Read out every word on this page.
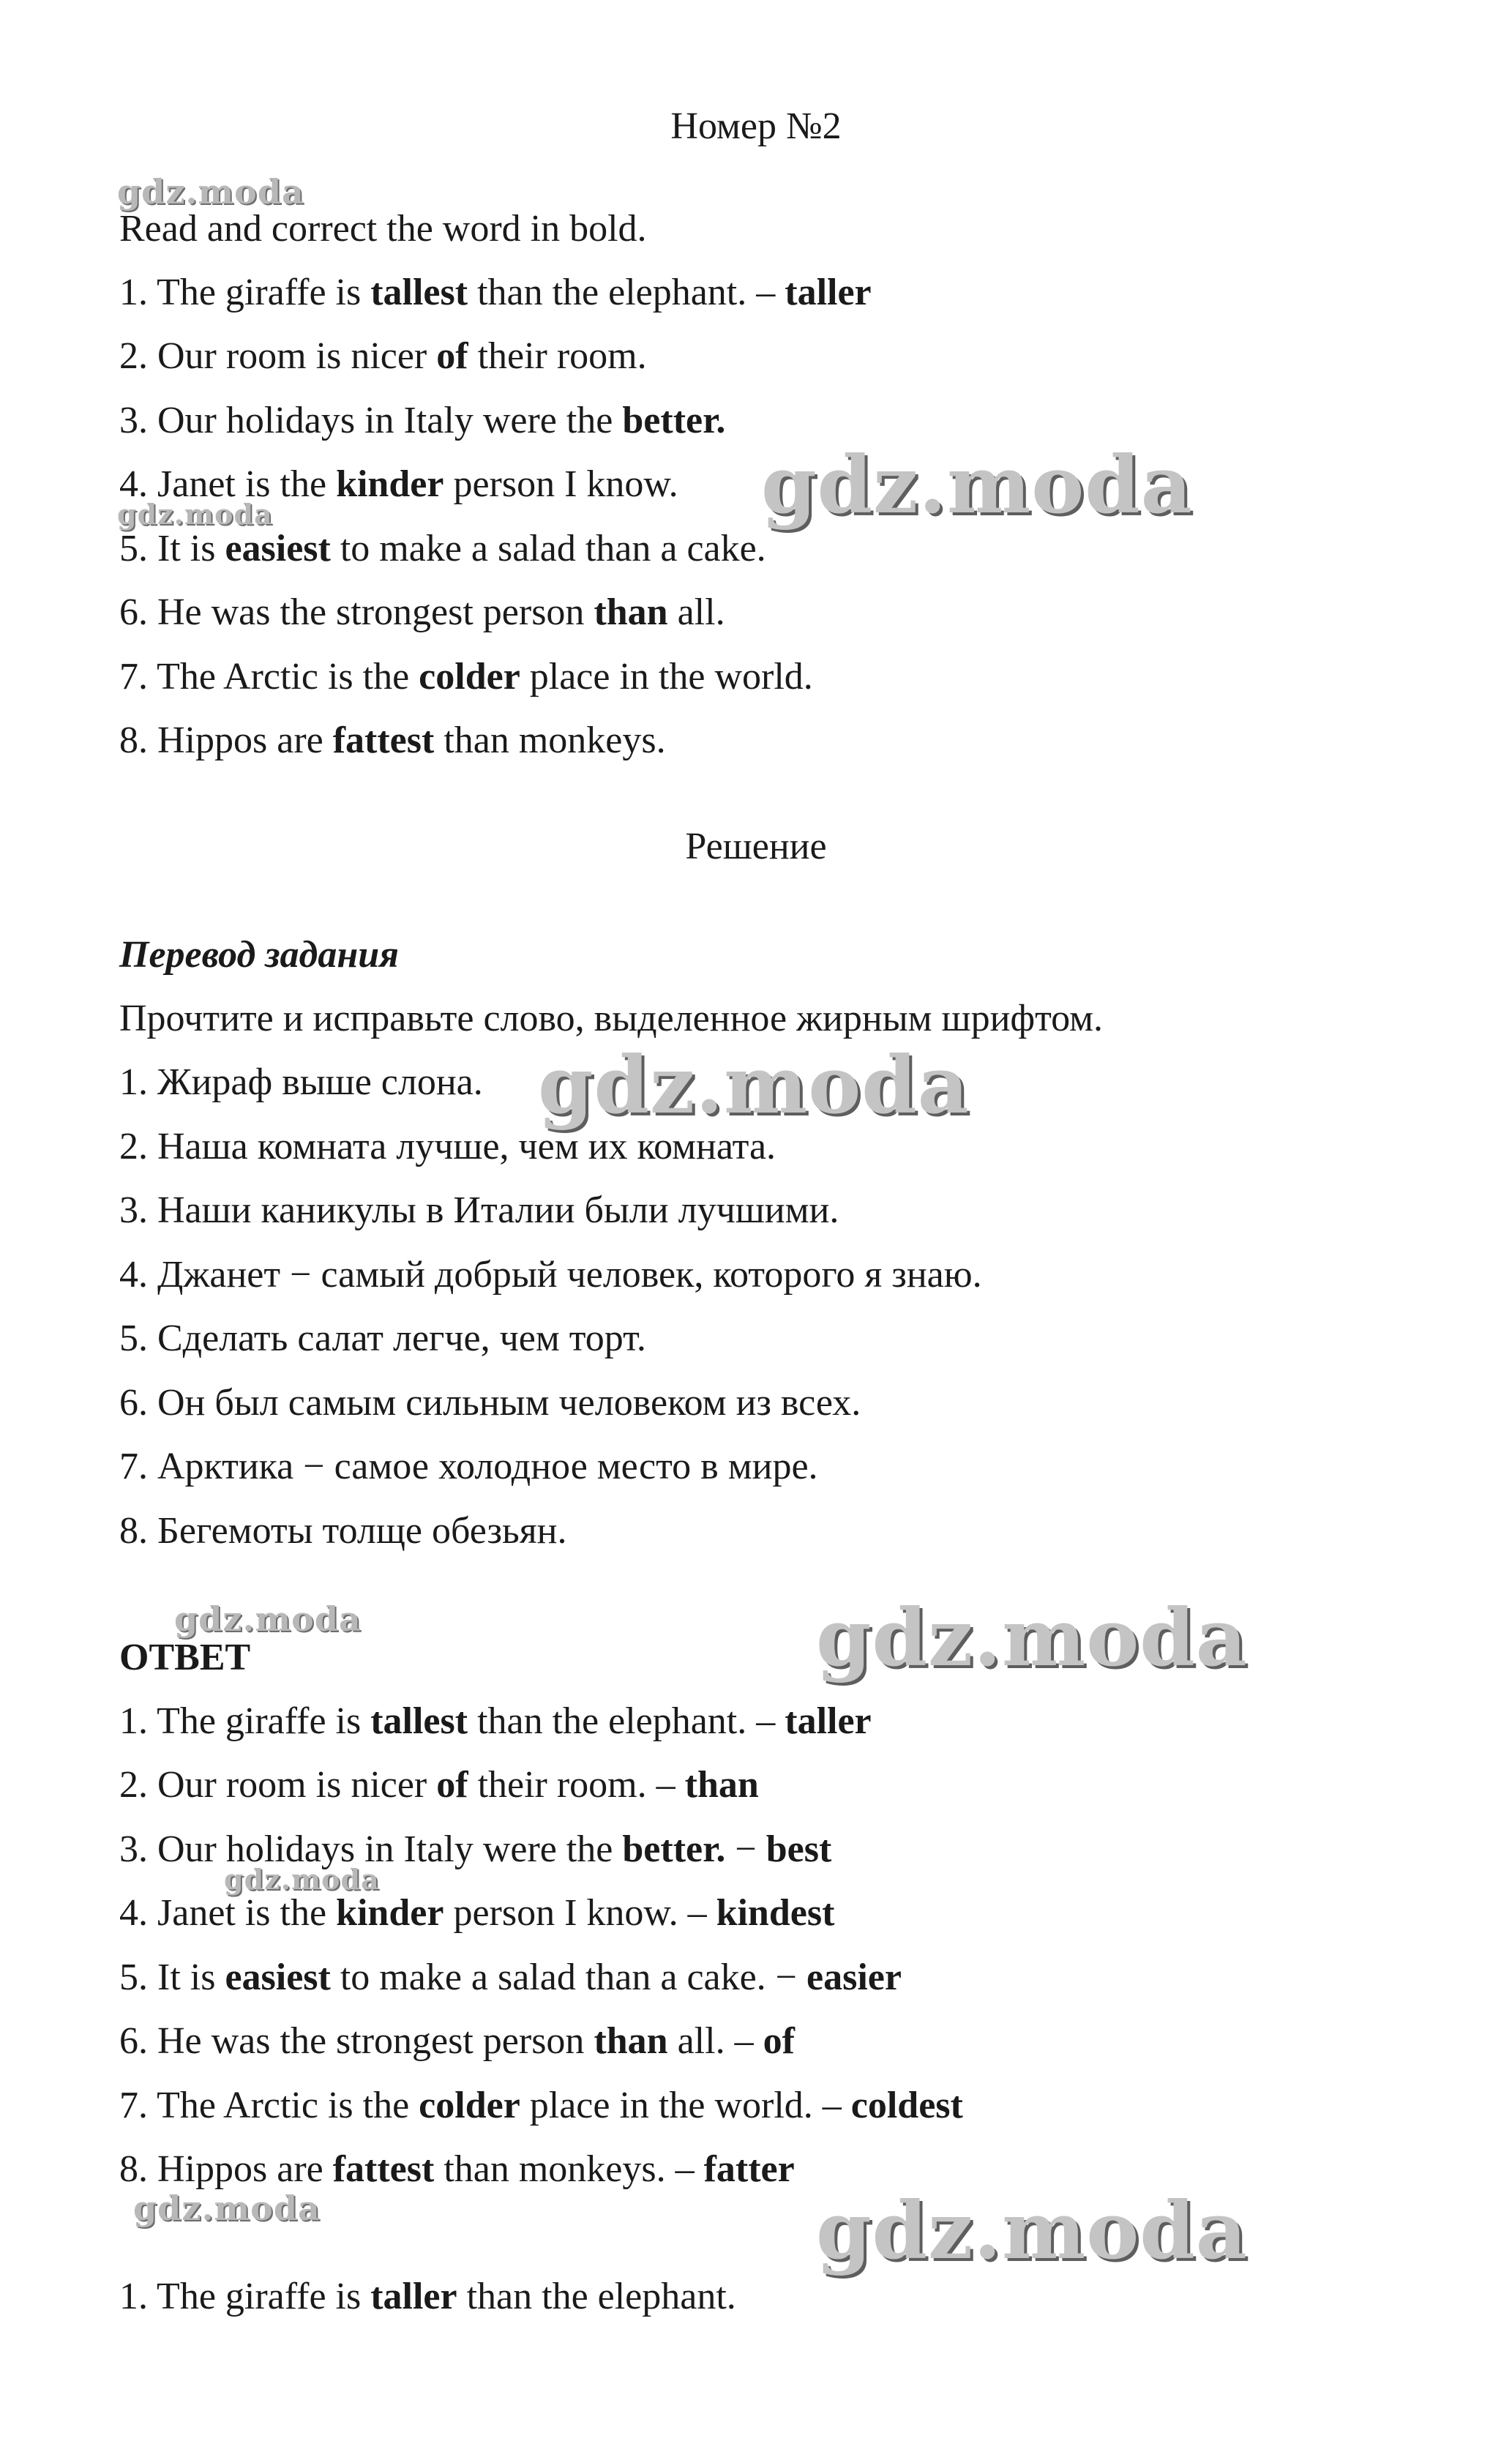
Номер №2

Read and correct the word in bold.

1. The giraffe is tallest than the elephant. – taller

2. Our room is nicer of their room.

3. Our holidays in Italy were the better.

4. Janet is the kinder person I know.

5. It is easiest to make a salad than a cake.

6. He was the strongest person than all.

7. The Arctic is the colder place in the world.

8. Hippos are fattest than monkeys.

Решение

Перевод задания

Прочтите и исправьте слово, выделенное жирным шрифтом.

1. Жираф выше слона.

2. Наша комната лучше, чем их комната.

3. Наши каникулы в Италии были лучшими.

4. Джанет − самый добрый человек, которого я знаю.

5. Сделать салат легче, чем торт.

6. Он был самым сильным человеком из всех.

7. Арктика − самое холодное место в мире.

8. Бегемоты толще обезьян.

ОТВЕТ

1. The giraffe is tallest than the elephant. – taller

2. Our room is nicer of their room. – than

3. Our holidays in Italy were the better. − best

4. Janet is the kinder person I know. – kindest

5. It is easiest to make a salad than a cake. − easier

6. He was the strongest person than all. – of

7. The Arctic is the colder place in the world. – coldest

8. Hippos are fattest than monkeys. – fatter

1. The giraffe is taller than the elephant.

gdz.moda
gdz.moda
gdz.moda
gdz.moda
gdz.moda	gdz.moda
gdz.moda
gdz.moda	gdz.moda
